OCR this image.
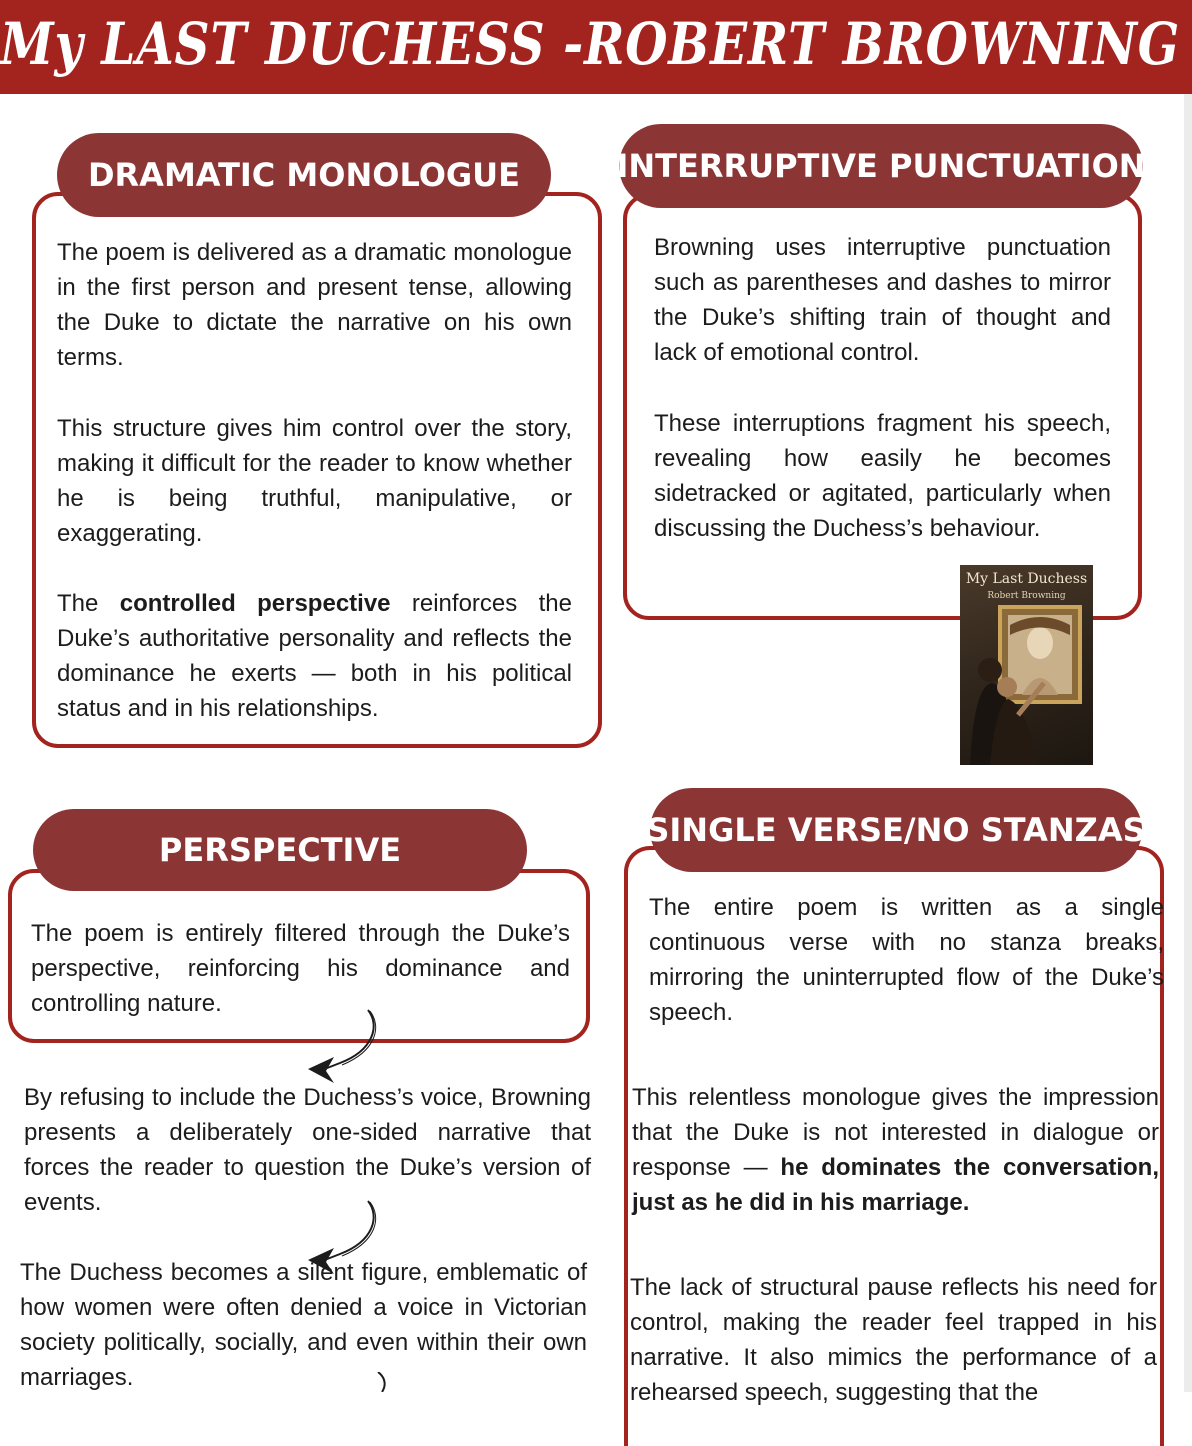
My LAST DUCHESS -ROBERT BROWNING
DRAMATIC MONOLOGUE
The poem is delivered as a dramatic monologue in the first person and present tense, allowing the Duke to dictate the narrative on his own terms.
This structure gives him control over the story, making it difficult for the reader to know whether he is being truthful, manipulative, or exaggerating.
The controlled perspective reinforces the Duke’s authoritative personality and reflects the dominance he exerts — both in his political status and in his relationships.
INTERRUPTIVE PUNCTUATION
Browning uses interruptive punctuation such as parentheses and dashes to mirror the Duke’s shifting train of thought and lack of emotional control.
These interruptions fragment his speech, revealing how easily he becomes sidetracked or agitated, particularly when discussing the Duchess’s behaviour.
My Last Duchess
Robert Browning
PERSPECTIVE
The poem is entirely filtered through the Duke’s perspective, reinforcing his dominance and controlling nature.
By refusing to include the Duchess’s voice, Browning presents a deliberately one-sided narrative that forces the reader to question the Duke’s version of events.
The Duchess becomes a silent figure, emblematic of how women were often denied a voice in Victorian society politically, socially, and even within their own marriages.
SINGLE VERSE/NO STANZAS
The entire poem is written as a single continuous verse with no stanza breaks, mirroring the uninterrupted flow of the Duke’s speech.
This relentless monologue gives the impression that the Duke is not interested in dialogue or response — he dominates the conversation, just as he did in his marriage.
The lack of structural pause reflects his need for control, making the reader feel trapped in his narrative. It also mimics the performance of a rehearsed speech, suggesting that the
